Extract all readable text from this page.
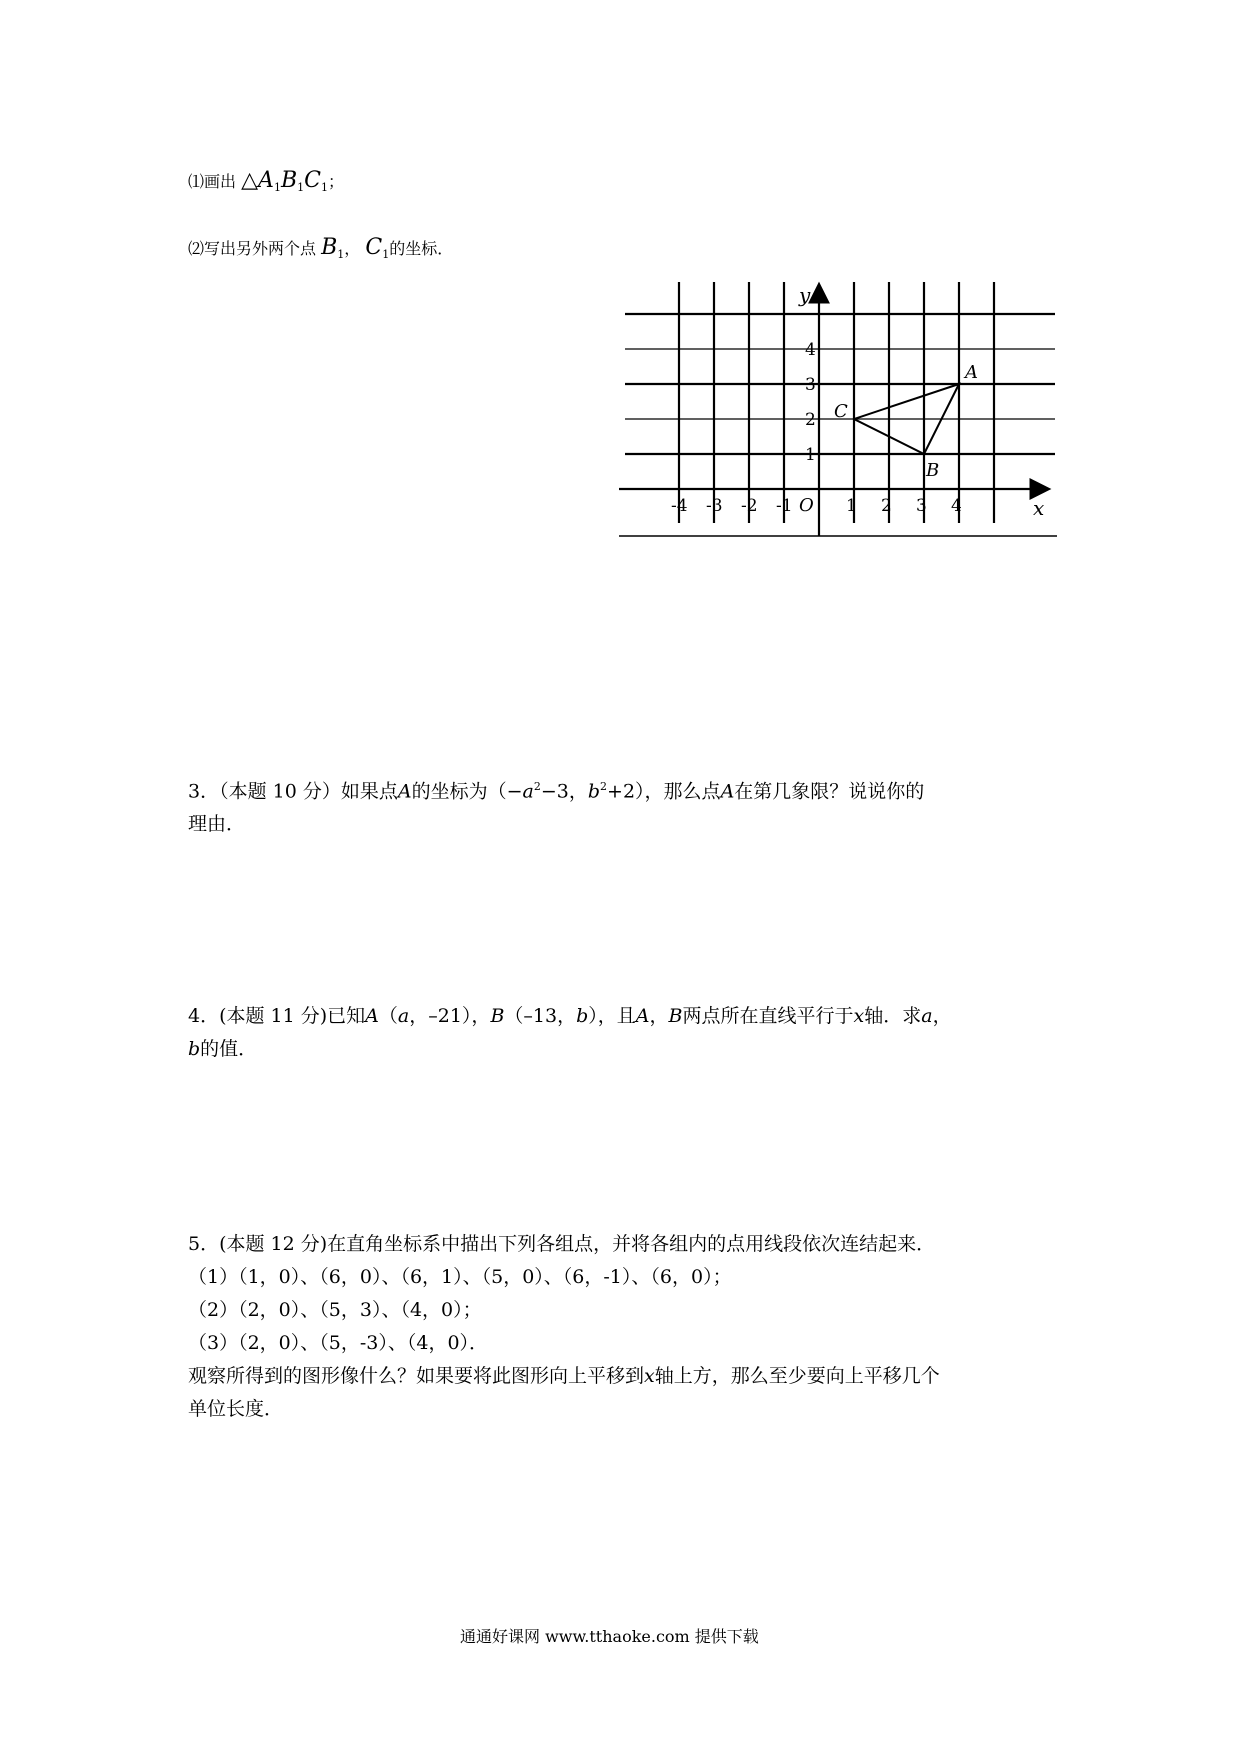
⑴画出 $\triangle A_1B_1C_1$；
⑵写出另外两个点 $B_1$， $C_1$的坐标．
-4 -3 -2 -1	1 2 3 4
1
2
3
4
O	x
y
A
B
C
3．（本题 10 分）如果点A的坐标为（$-a^2-3$，$b^2+2$），那么点A在第几象限？说说你的
理由．
4．(本题 11 分)已知A（a，–21），B（–13，b），且A，B两点所在直线平行于x轴．求a，
b的值．
5．(本题 12 分)在直角坐标系中描出下列各组点，并将各组内的点用线段依次连结起来．
（1）（1，0）、（6，0）、（6，1）、（5，0）、（6，-1）、（6，0）；
（2）（2，0）、（5，3）、（4，0）；
（3）（2，0）、（5，-3）、（4，0）．
观察所得到的图形像什么？如果要将此图形向上平移到x轴上方，那么至少要向上平移几个
单位长度．
通通好课网 www.tthaoke.com 提供下载
